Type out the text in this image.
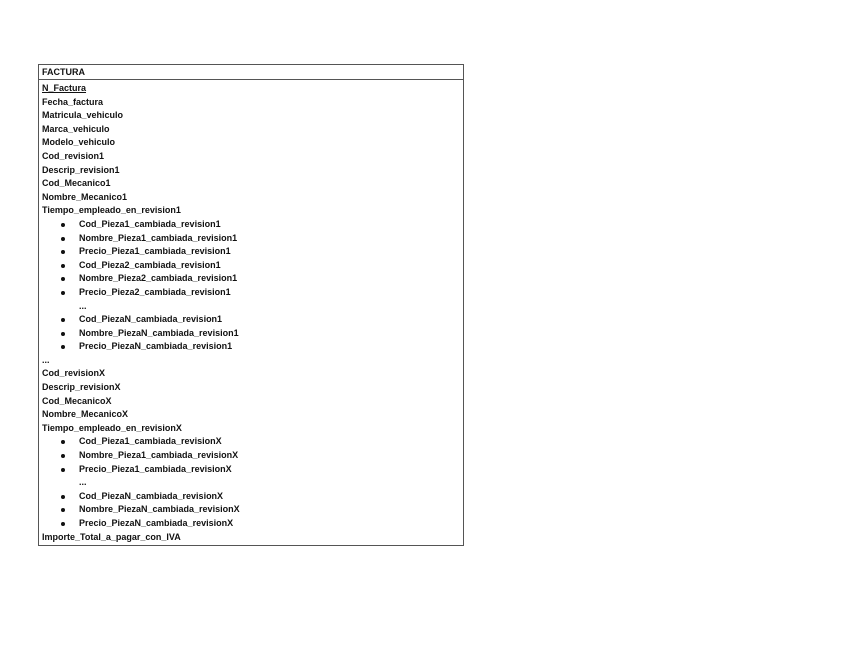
FACTURA
N_Factura
Fecha_factura
Matricula_vehiculo
Marca_vehiculo
Modelo_vehiculo
Cod_revision1
Descrip_revision1
Cod_Mecanico1
Nombre_Mecanico1
Tiempo_empleado_en_revision1
Cod_Pieza1_cambiada_revision1
Nombre_Pieza1_cambiada_revision1
Precio_Pieza1_cambiada_revision1
Cod_Pieza2_cambiada_revision1
Nombre_Pieza2_cambiada_revision1
Precio_Pieza2_cambiada_revision1
...
Cod_PiezaN_cambiada_revision1
Nombre_PiezaN_cambiada_revision1
Precio_PiezaN_cambiada_revision1
...
Cod_revisionX
Descrip_revisionX
Cod_MecanicoX
Nombre_MecanicoX
Tiempo_empleado_en_revisionX
Cod_Pieza1_cambiada_revisionX
Nombre_Pieza1_cambiada_revisionX
Precio_Pieza1_cambiada_revisionX
...
Cod_PiezaN_cambiada_revisionX
Nombre_PiezaN_cambiada_revisionX
Precio_PiezaN_cambiada_revisionX
Importe_Total_a_pagar_con_IVA
